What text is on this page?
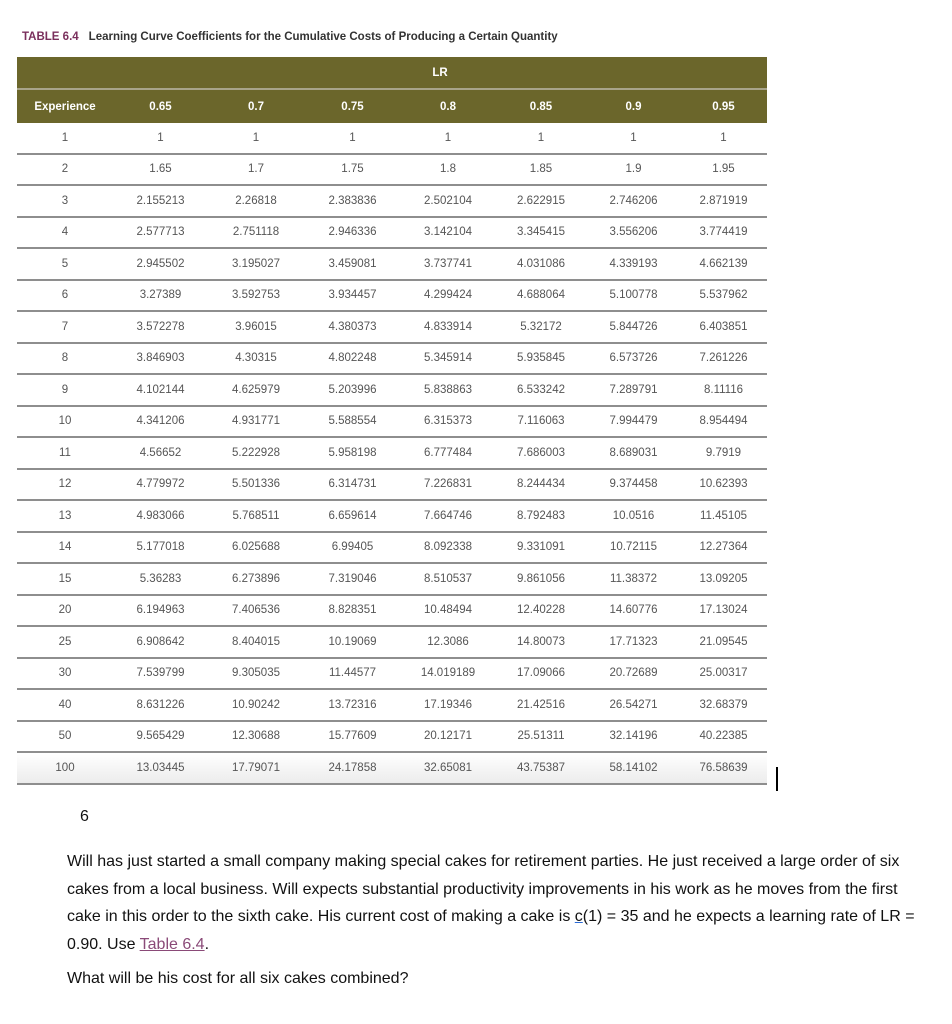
TABLE 6.4 Learning Curve Coefficients for the Cumulative Costs of Producing a Certain Quantity
	LR						
Experience	0.65	0.7	0.75	0.8	0.85	0.9	0.95
1	1	1	1	1	1	1	1
2	1.65	1.7	1.75	1.8	1.85	1.9	1.95
3	2.155213	2.26818	2.383836	2.502104	2.622915	2.746206	2.871919
4	2.577713	2.751118	2.946336	3.142104	3.345415	3.556206	3.774419
5	2.945502	3.195027	3.459081	3.737741	4.031086	4.339193	4.662139
6	3.27389	3.592753	3.934457	4.299424	4.688064	5.100778	5.537962
7	3.572278	3.96015	4.380373	4.833914	5.32172	5.844726	6.403851
8	3.846903	4.30315	4.802248	5.345914	5.935845	6.573726	7.261226
9	4.102144	4.625979	5.203996	5.838863	6.533242	7.289791	8.11116
10	4.341206	4.931771	5.588554	6.315373	7.116063	7.994479	8.954494
11	4.56652	5.222928	5.958198	6.777484	7.686003	8.689031	9.7919
12	4.779972	5.501336	6.314731	7.226831	8.244434	9.374458	10.62393
13	4.983066	5.768511	6.659614	7.664746	8.792483	10.0516	11.45105
14	5.177018	6.025688	6.99405	8.092338	9.331091	10.72115	12.27364
15	5.36283	6.273896	7.319046	8.510537	9.861056	11.38372	13.09205
20	6.194963	7.406536	8.828351	10.48494	12.40228	14.60776	17.13024
25	6.908642	8.404015	10.19069	12.3086	14.80073	17.71323	21.09545
30	7.539799	9.305035	11.44577	14.019189	17.09066	20.72689	25.00317
40	8.631226	10.90242	13.72316	17.19346	21.42516	26.54271	32.68379
50	9.565429	12.30688	15.77609	20.12171	25.51311	32.14196	40.22385
100	13.03445	17.79071	24.17858	32.65081	43.75387	58.14102	76.58639
6
Will has just started a small company making special cakes for retirement parties. He just received a large order of six cakes from a local business. Will expects substantial productivity improvements in his work as he moves from the first cake in this order to the sixth cake. His current cost of making a cake is c(1) = 35 and he expects a learning rate of LR = 0.90. Use Table 6.4.
What will be his cost for all six cakes combined?
